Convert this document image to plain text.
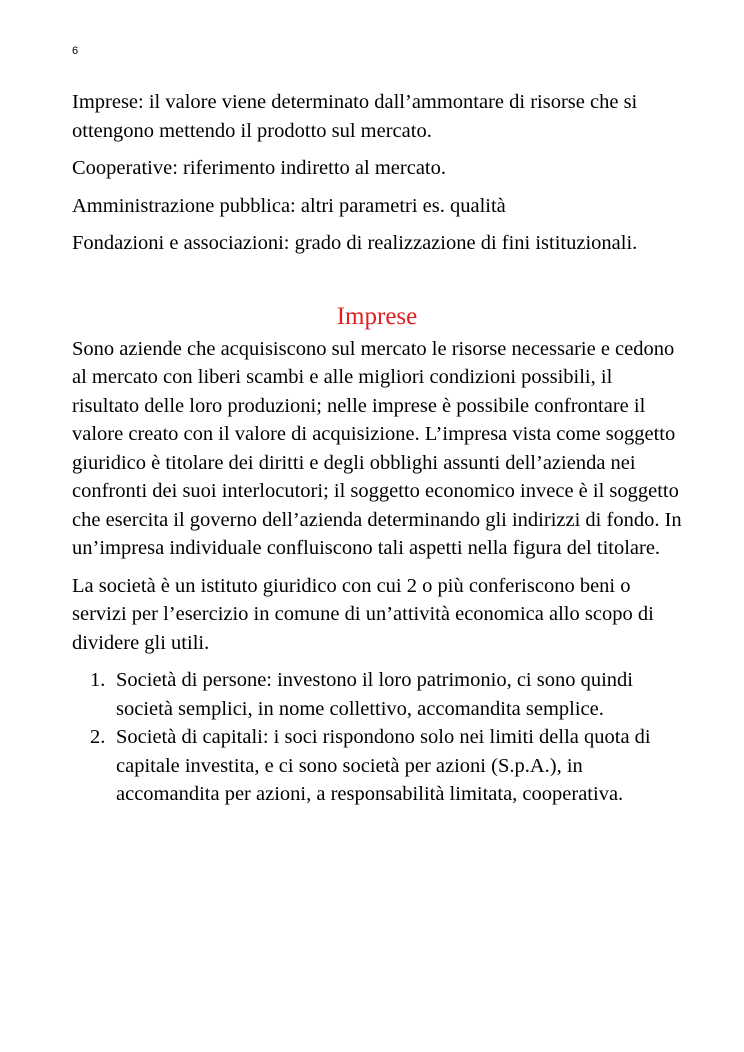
6

Imprese: il valore viene determinato dall’ammontare di risorse che si ottengono mettendo il prodotto sul mercato.

Cooperative: riferimento indiretto al mercato.

Amministrazione pubblica: altri parametri es. qualità

Fondazioni e associazioni: grado di realizzazione di fini istituzionali.

Imprese

Sono aziende che acquisiscono sul mercato le risorse necessarie e cedono al mercato con liberi scambi e alle migliori condizioni possibili, il risultato delle loro produzioni; nelle imprese è possibile confrontare il valore creato con il valore di acquisizione. L’impresa vista come soggetto giuridico è titolare dei diritti e degli obblighi assunti dell’azienda nei confronti dei suoi interlocutori; il soggetto economico invece è il soggetto che esercita il governo dell’azienda determinando gli indirizzi di fondo. In un’impresa individuale confluiscono tali aspetti nella figura del titolare.

La società è un istituto giuridico con cui 2 o più conferiscono beni o servizi per l’esercizio in comune di un’attività economica allo scopo di dividere gli utili.

1. Società di persone: investono il loro patrimonio, ci sono quindi società semplici, in nome collettivo, accomandita semplice.
2. Società di capitali: i soci rispondono solo nei limiti della quota di capitale investita, e ci sono società per azioni (S.p.A.), in accomandita per azioni, a responsabilità limitata, cooperativa.
